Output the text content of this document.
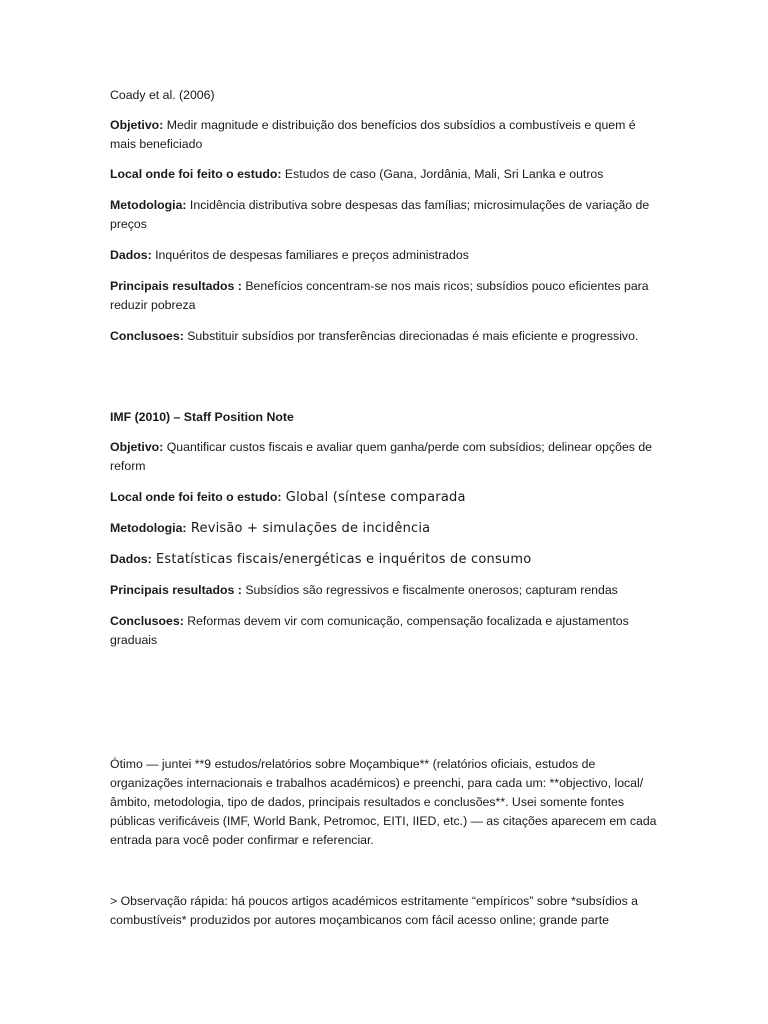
Coady et al. (2006)

Objetivo: Medir magnitude e distribuição dos benefícios dos subsídios a combustíveis e quem é mais beneficiado

Local onde foi feito o estudo: Estudos de caso (Gana, Jordânia, Mali, Sri Lanka e outros

Metodologia: Incidência distributiva sobre despesas das famílias; microsimulações de variação de preços

Dados: Inquéritos de despesas familiares e preços administrados

Principais resultados : Benefícios concentram-se nos mais ricos; subsídios pouco eficientes para reduzir pobreza

Conclusoes: Substituir subsídios por transferências direcionadas é mais eficiente e progressivo.

IMF (2010) – Staff Position Note

Objetivo: Quantificar custos fiscais e avaliar quem ganha/perde com subsídios; delinear opções de reform

Local onde foi feito o estudo: Global (síntese comparada

Metodologia: Revisão + simulações de incidência

Dados: Estatísticas fiscais/energéticas e inquéritos de consumo

Principais resultados : Subsídios são regressivos e fiscalmente onerosos; capturam rendas

Conclusoes: Reformas devem vir com comunicação, compensação focalizada e ajustamentos graduais

Ótimo — juntei **9 estudos/relatórios sobre Moçambique** (relatórios oficiais, estudos de organizações internacionais e trabalhos académicos) e preenchi, para cada um: **objectivo, local/âmbito, metodologia, tipo de dados, principais resultados e conclusões**. Usei somente fontes públicas verificáveis (IMF, World Bank, Petromoc, EITI, IIED, etc.) — as citações aparecem em cada entrada para você poder confirmar e referenciar.

> Observação rápida: há poucos artigos académicos estritamente “empíricos” sobre *subsídios a combustíveis* produzidos por autores moçambicanos com fácil acesso online; grande parte
